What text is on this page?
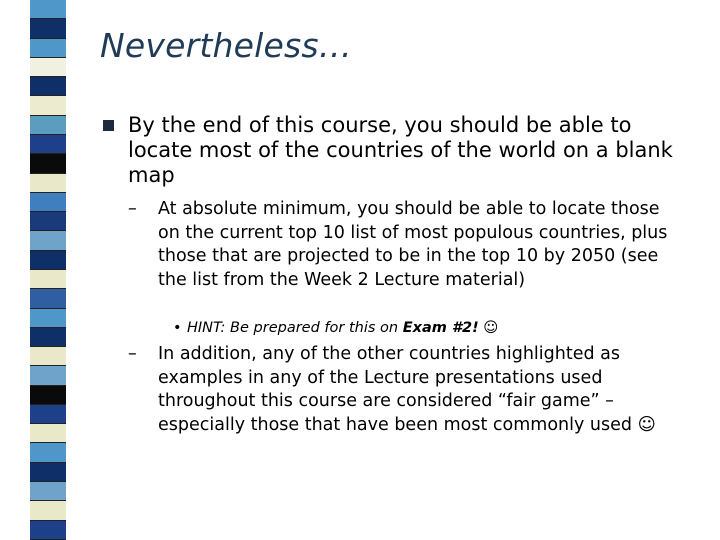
Nevertheless…
By the end of this course, you should be able to locate most of the countries of the world on a blank map
– At absolute minimum, you should be able to locate those on the current top 10 list of most populous countries, plus those that are projected to be in the top 10 by 2050 (see the list from the Week 2 Lecture material)
• HINT: Be prepared for this on Exam #2! ☺
– In addition, any of the other countries highlighted as examples in any of the Lecture presentations used throughout this course are considered “fair game” – especially those that have been most commonly used ☺
